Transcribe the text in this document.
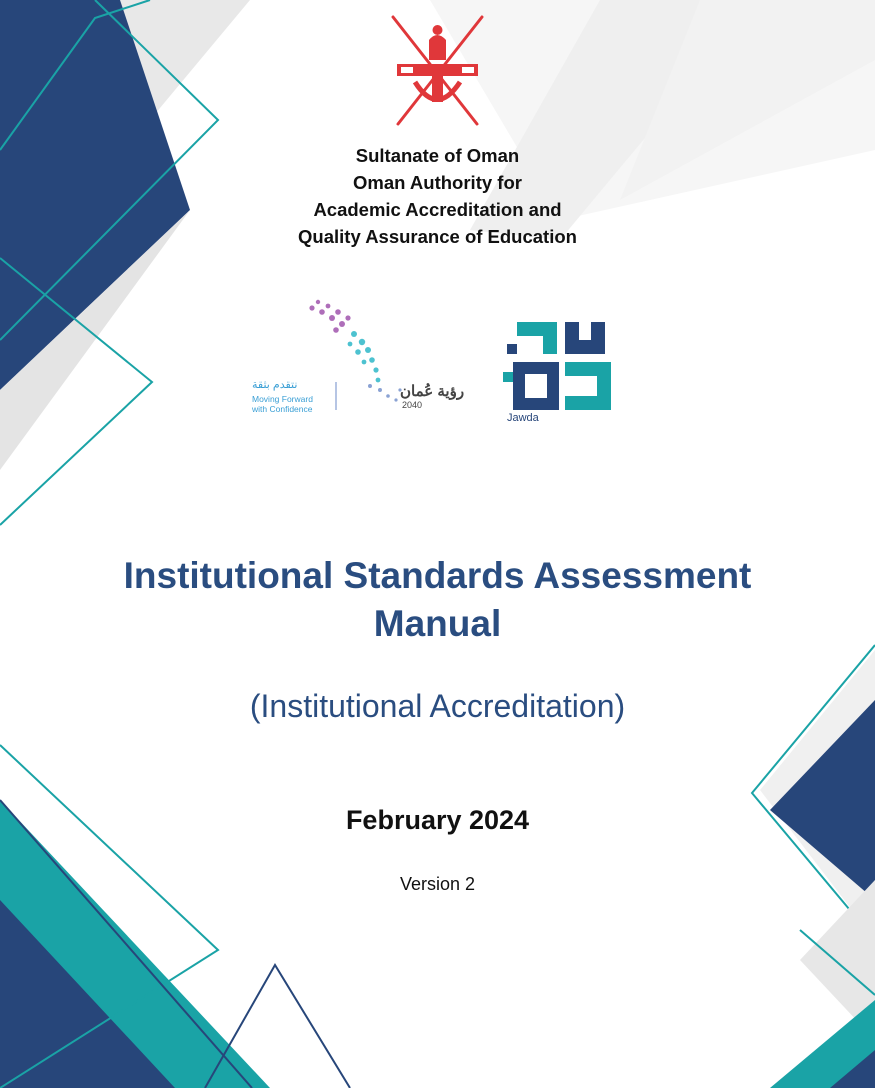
Sultanate of Oman
Oman Authority for
Academic Accreditation and
Quality Assurance of Education
نتقدم بثقة
Moving Forward
with Confidence
رؤية عُمان
2040
Jawda
Institutional Standards Assessment
Manual
(Institutional Accreditation)
February 2024
Version 2
